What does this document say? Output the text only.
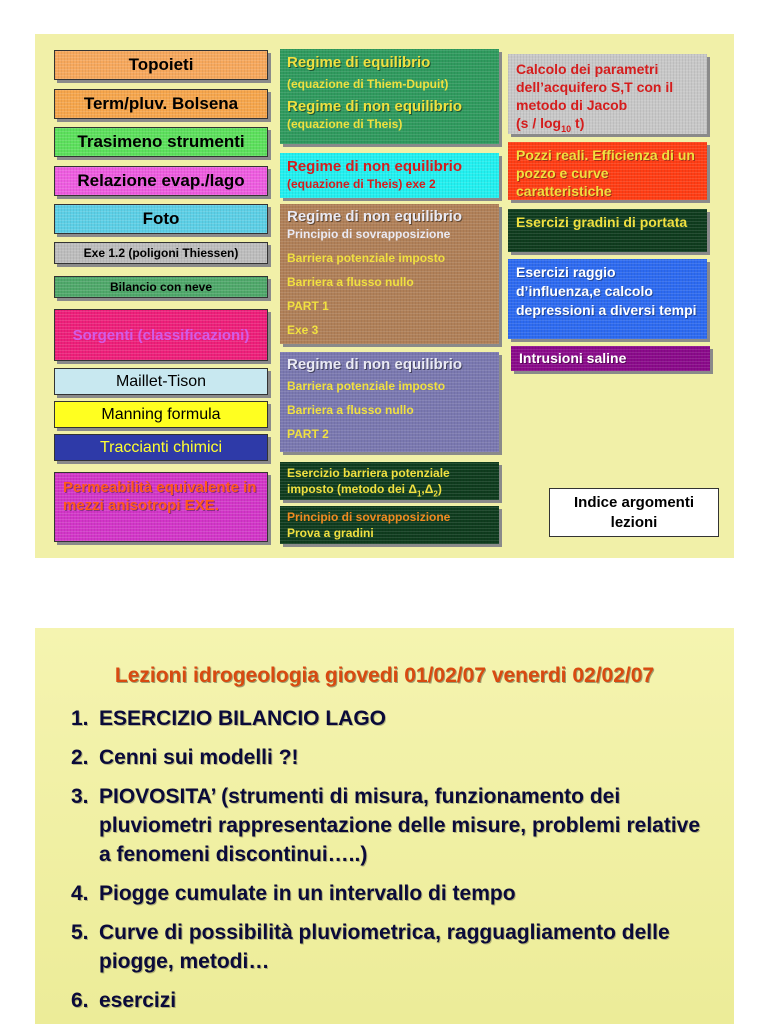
Topoieti
Term/pluv. Bolsena
Trasimeno strumenti
Relazione evap./lago
Foto
Exe 1.2 (poligoni Thiessen)
Bilancio con neve
Sorgenti (classificazioni)
Maillet-Tison
Manning formula
Traccianti chimici
Permeabilità equivalente in mezzi anisotropi EXE.
Regime di equilibrio
(equazione di Thiem-Dupuit)
Regime di non equilibrio
(equazione di Theis)
Regime di non equilibrio
(equazione di Theis) exe 2
Regime di non equilibrio
Principio di sovrapposizione
Barriera potenziale imposto
Barriera a flusso nullo
PART 1
Exe 3
Regime di non equilibrio
Barriera potenziale imposto
Barriera a flusso nullo
PART 2
Esercizio barriera potenziale
imposto (metodo dei $\Delta_1,\Delta_2$)
Principio di sovrapposizione
Prova a gradini
Calcolo dei parametri
dell’acquifero S,T con il
metodo di Jacob
$(s / \log_{10} t)$
Pozzi reali. Efficienza di un pozzo e curve caratteristiche
Esercizi gradini di portata
Esercizi raggio d’influenza,e calcolo depressioni a diversi tempi
Intrusioni saline
Indice argomenti lezioni
Lezioni idrogeologia giovedi 01/02/07 venerdi 02/02/07
1. ESERCIZIO BILANCIO LAGO
2. Cenni sui modelli ?!
3. PIOVOSITA’ (strumenti di misura, funzionamento dei pluviometri rappresentazione delle misure, problemi relative a fenomeni discontinui…..)
4. Piogge cumulate in un intervallo di tempo
5. Curve di possibilità pluviometrica, ragguagliamento delle piogge, metodi…
6. esercizi
